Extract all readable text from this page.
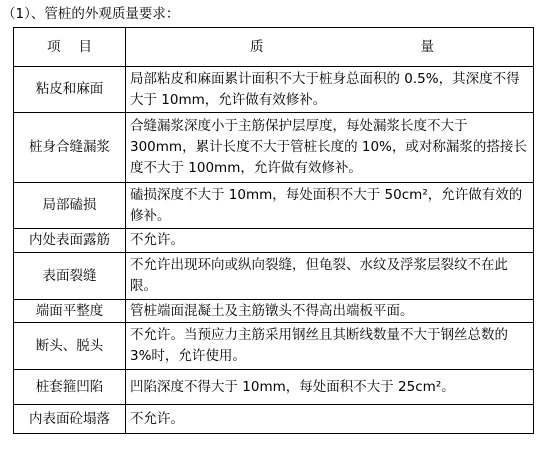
（1）、管桩的外观质量要求：
项目	质 量

粘皮和麻面	局部粘皮和麻面累计面积不大于桩身总面积的 0.5%，其深度不得大于 10mm，允许做有效修补。
桩身合缝漏浆	合缝漏浆深度小于主筋保护层厚度，每处漏浆长度不大于 300mm，累计长度不大于管桩长度的 10%，或对称漏浆的搭接长度不大于 100mm，允许做有效修补。
局部磕损	磕损深度不大于 10mm，每处面积不大于 50cm²，允许做有效的修补。
内处表面露筋	不允许。
表面裂缝	不允许出现环向或纵向裂缝，但龟裂、水纹及浮浆层裂纹不在此限。
端面平整度	管桩端面混凝土及主筋镦头不得高出端板平面。
断头、脱头	不允许。当预应力主筋采用钢丝且其断线数量不大于钢丝总数的 3%时，允许使用。
桩套箍凹陷	凹陷深度不得大于 10mm，每处面积不大于 25cm²。
内表面砼塌落	不允许。
